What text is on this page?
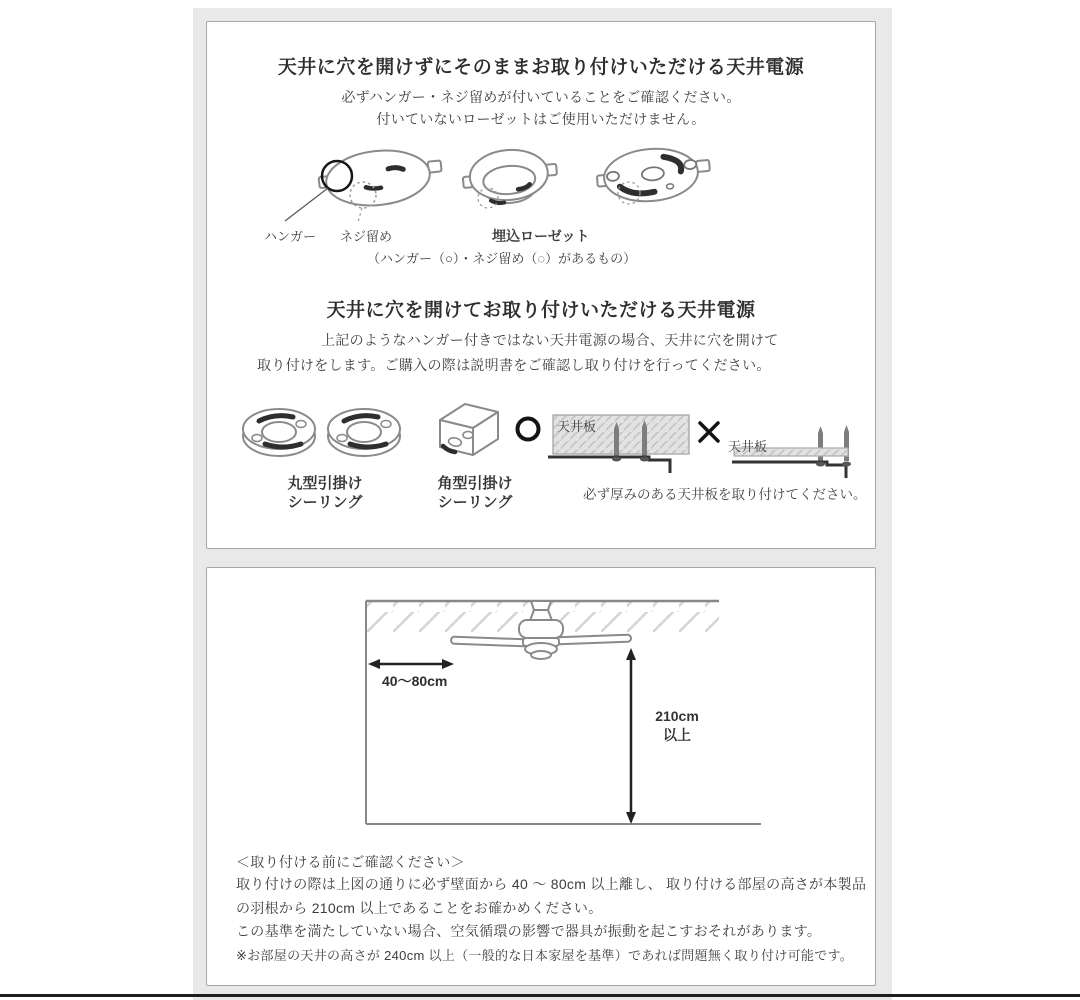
天井に穴を開けずにそのままお取り付けいただける天井電源
必ずハンガー・ネジ留めが付いていることをご確認ください。
付いていないローゼットはご使用いただけません。
ハンガー ネジ留め	埋込ローゼット
（ハンガー（○）・ネジ留め（◌）があるもの）
天井に穴を開けてお取り付けいただける天井電源
上記のようなハンガー付きではない天井電源の場合、天井に穴を開けて
取り付けをします。ご購入の際は説明書をご確認し取り付けを行ってください。
丸型引掛け
シーリング
角型引掛け
シーリング
天井板
天井板
必ず厚みのある天井板を取り付けてください。
40～80cm
210cm
以上
＜取り付ける前にご確認ください＞
取り付けの際は上図の通りに必ず壁面から 40 ～ 80cm 以上離し、 取り付ける部屋の高さが本製品
の羽根から 210cm 以上であることをお確かめください。
この基準を満たしていない場合、空気循環の影響で器具が振動を起こすおそれがあります。
※お部屋の天井の高さが 240cm 以上（一般的な日本家屋を基準）であれば問題無く取り付け可能です。
